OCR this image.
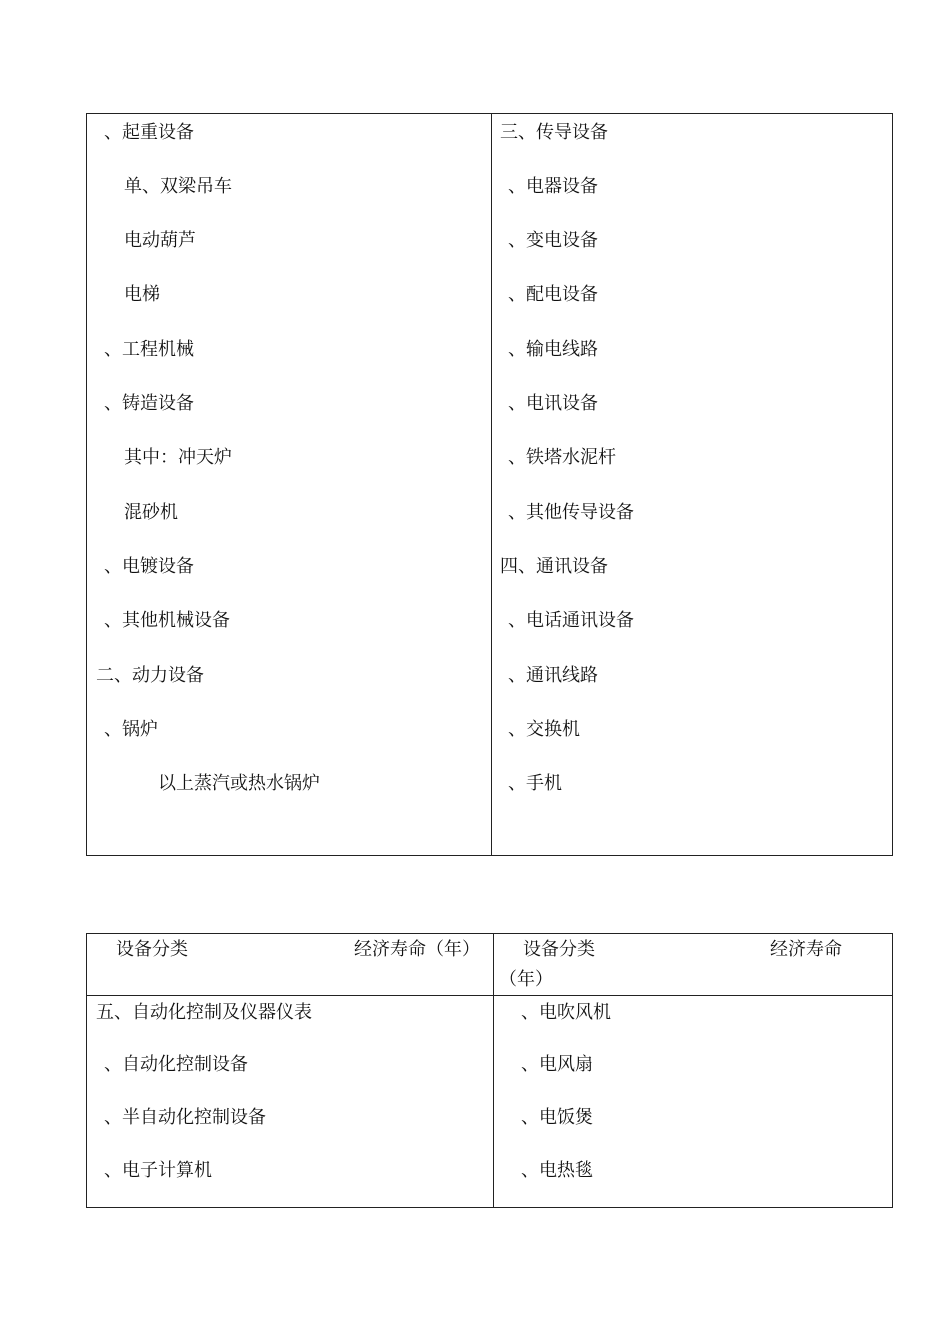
、起重设备
单、双梁吊车
电动葫芦
电梯
、工程机械
、铸造设备
其中：冲天炉
混砂机
、电镀设备
、其他机械设备
二、动力设备
、锅炉
以上蒸汽或热水锅炉
三、传导设备
、电器设备
、变电设备
、配电设备
、输电线路
、电讯设备
、铁塔水泥杆
、其他传导设备
四、通讯设备
、电话通讯设备
、通讯线路
、交换机
、手机
设备分类	经济寿命（年） 设备分类	经济寿命
（年）
五、自动化控制及仪器仪表
、自动化控制设备
、半自动化控制设备
、电子计算机
、电吹风机
、电风扇
、电饭煲
、电热毯
